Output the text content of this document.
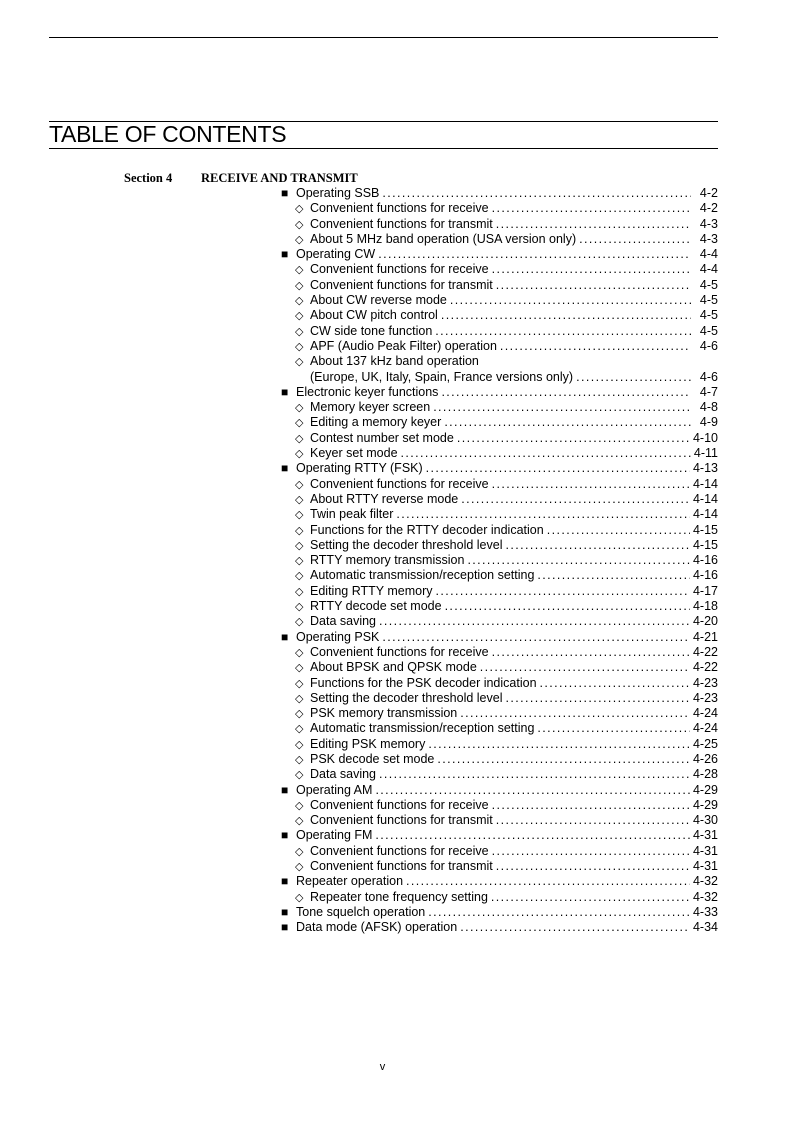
TABLE OF CONTENTS
Section 4 RECEIVE AND TRANSMIT
■ Operating SSB .....	4-2
◇ Convenient functions for receive .....	4-2
◇ Convenient functions for transmit .....	4-3
◇ About 5 MHz band operation (USA version only) .....	4-3
■ Operating CW .....	4-4
◇ Convenient functions for receive .....	4-4
◇ Convenient functions for transmit .....	4-5
◇ About CW reverse mode .....	4-5
◇ About CW pitch control .....	4-5
◇ CW side tone function .....	4-5
◇ APF (Audio Peak Filter) operation .....	4-6
◇ About 137 kHz band operation
(Europe, UK, Italy, Spain, France versions only) .....	4-6
■ Electronic keyer functions .....	4-7
◇ Memory keyer screen .....	4-8
◇ Editing a memory keyer .....	4-9
◇ Contest number set mode .....	4-10
◇ Keyer set mode .....	4-11
■ Operating RTTY (FSK) .....	4-13
◇ Convenient functions for receive .....	4-14
◇ About RTTY reverse mode .....	4-14
◇ Twin peak filter .....	4-14
◇ Functions for the RTTY decoder indication .....	4-15
◇ Setting the decoder threshold level .....	4-15
◇ RTTY memory transmission .....	4-16
◇ Automatic transmission/reception setting .....	4-16
◇ Editing RTTY memory .....	4-17
◇ RTTY decode set mode .....	4-18
◇ Data saving .....	4-20
■ Operating PSK .....	4-21
◇ Convenient functions for receive .....	4-22
◇ About BPSK and QPSK mode .....	4-22
◇ Functions for the PSK decoder indication .....	4-23
◇ Setting the decoder threshold level .....	4-23
◇ PSK memory transmission .....	4-24
◇ Automatic transmission/reception setting .....	4-24
◇ Editing PSK memory .....	4-25
◇ PSK decode set mode .....	4-26
◇ Data saving .....	4-28
■ Operating AM .....	4-29
◇ Convenient functions for receive .....	4-29
◇ Convenient functions for transmit .....	4-30
■ Operating FM .....	4-31
◇ Convenient functions for receive .....	4-31
◇ Convenient functions for transmit .....	4-31
■ Repeater operation .....	4-32
◇ Repeater tone frequency setting .....	4-32
■ Tone squelch operation .....	4-33
■ Data mode (AFSK) operation .....	4-34
v
